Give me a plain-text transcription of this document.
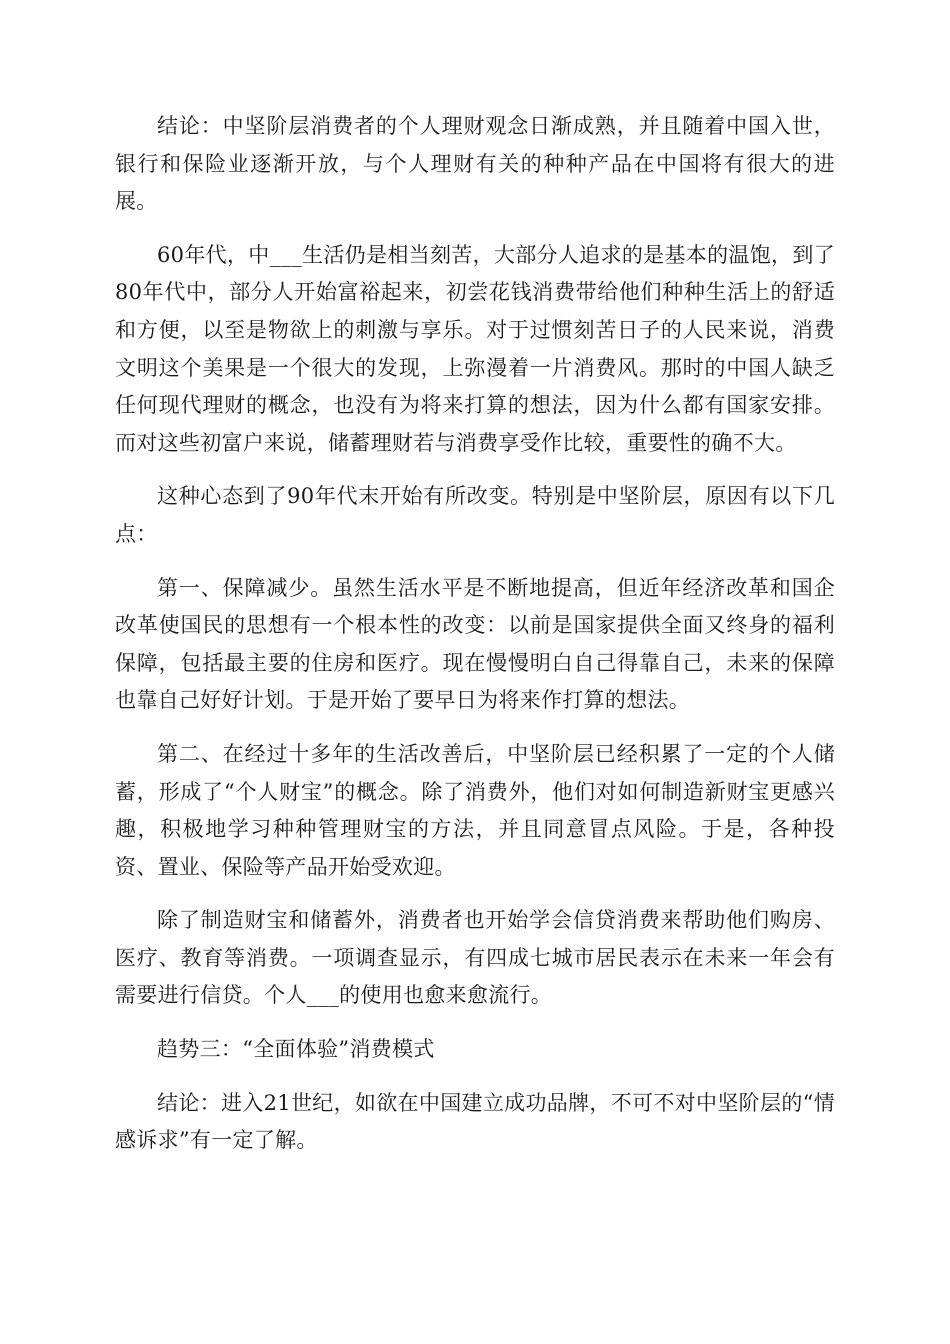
结论：中坚阶层消费者的个人理财观念日渐成熟，并且随着中国入世，银行和保险业逐渐开放，与个人理财有关的种种产品在中国将有很大的进展。

60年代，中___生活仍是相当刻苦，大部分人追求的是基本的温饱，到了80年代中，部分人开始富裕起来，初尝花钱消费带给他们种种生活上的舒适和方便，以至是物欲上的刺激与享乐。对于过惯刻苦日子的人民来说，消费文明这个美果是一个很大的发现，上弥漫着一片消费风。那时的中国人缺乏任何现代理财的概念，也没有为将来打算的想法，因为什么都有国家安排。而对这些初富户来说，储蓄理财若与消费享受作比较，重要性的确不大。

这种心态到了90年代末开始有所改变。特别是中坚阶层，原因有以下几点：

第一、保障减少。虽然生活水平是不断地提高，但近年经济改革和国企改革使国民的思想有一个根本性的改变：以前是国家提供全面又终身的福利保障，包括最主要的住房和医疗。现在慢慢明白自己得靠自己，未来的保障也靠自己好好计划。于是开始了要早日为将来作打算的想法。

第二、在经过十多年的生活改善后，中坚阶层已经积累了一定的个人储蓄，形成了“个人财宝”的概念。除了消费外，他们对如何制造新财宝更感兴趣，积极地学习种种管理财宝的方法，并且同意冒点风险。于是，各种投资、置业、保险等产品开始受欢迎。

除了制造财宝和储蓄外，消费者也开始学会信贷消费来帮助他们购房、医疗、教育等消费。一项调查显示，有四成七城市居民表示在未来一年会有需要进行信贷。个人___的使用也愈来愈流行。

趋势三：“全面体验”消费模式

结论：进入21世纪，如欲在中国建立成功品牌，不可不对中坚阶层的“情感诉求”有一定了解。
